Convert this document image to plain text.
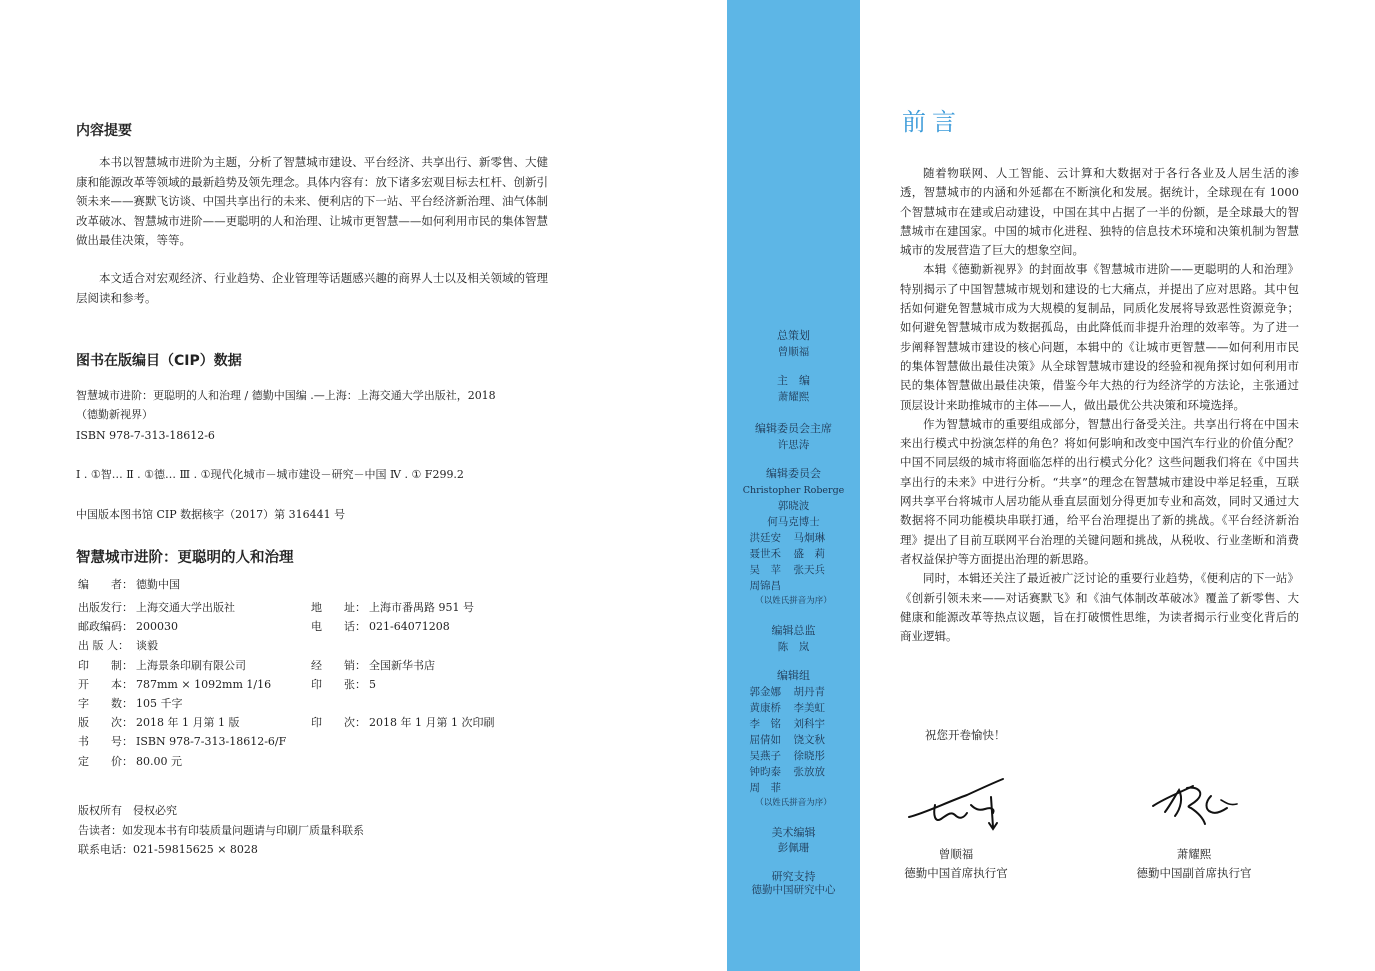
内容提要
本书以智慧城市进阶为主题，分析了智慧城市建设、平台经济、共享出行、新零售、大健康和能源改革等领域的最新趋势及领先理念。具体内容有：放下诸多宏观目标去杠杆、创新引领未来——赛默飞访谈、中国共享出行的未来、便利店的下一站、平台经济新治理、油气体制改革破冰、智慧城市进阶——更聪明的人和治理、让城市更智慧——如何利用市民的集体智慧做出最佳决策，等等。
本文适合对宏观经济、行业趋势、企业管理等话题感兴趣的商界人士以及相关领域的管理层阅读和参考。
图书在版编目（CIP）数据
智慧城市进阶：更聪明的人和治理 / 德勤中国编 .—上海：上海交通大学出版社，2018
（德勤新视界）
ISBN 978-7-313-18612-6
Ⅰ . ①智… Ⅱ . ①德… Ⅲ . ①现代化城市－城市建设－研究－中国 Ⅳ . ① F299.2
中国版本图书馆 CIP 数据核字（2017）第 316441 号
智慧城市进阶：更聪明的人和治理
编　　者： 德勤中国
出版发行： 上海交通大学出版社	地　　址： 上海市番禺路 951 号
邮政编码： 200030	电　　话： 021-64071208
出 版 人： 谈毅
印　　制： 上海景条印刷有限公司	经　　销： 全国新华书店
开　　本： 787mm × 1092mm 1/16	印　　张： 5
字　　数： 105 千字
版　　次： 2018 年 1 月第 1 版	印　　次： 2018 年 1 月第 1 次印刷
书　　号： ISBN 978-7-313-18612-6/F
定　　价： 80.00 元
版权所有　侵权必究
告读者：如发现本书有印装质量问题请与印刷厂质量科联系
联系电话：021-59815625 × 8028
总策划
曾顺福
主　编
萧耀熙
编辑委员会主席
许思涛
编辑委员会
Christopher Roberge
郭晓波
何马克博士
洪廷安 马炯琳
聂世禾 盛　莉
吴　苹 张天兵
周锦昌
（以姓氏拼音为序）
编辑总监
陈　岚
编辑组
郭金娜 胡丹青
黄康桥 李美虹
李　铭 刘科宇
屈倩如 饶文秋
吴燕子 徐晓彤
钟昀泰 张放放
周　菲
（以姓氏拼音为序）
美术编辑
彭佩珊
研究支持
德勤中国研究中心
前言

随着物联网、人工智能、云计算和大数据对于各行各业及人居生活的渗透，智慧城市的内涵和外延都在不断演化和发展。据统计，全球现在有 1000 个智慧城市在建或启动建设，中国在其中占据了一半的份额，是全球最大的智慧城市在建国家。中国的城市化进程、独特的信息技术环境和决策机制为智慧城市的发展营造了巨大的想象空间。

本辑《德勤新视界》的封面故事《智慧城市进阶——更聪明的人和治理》特别揭示了中国智慧城市规划和建设的七大痛点，并提出了应对思路。其中包括如何避免智慧城市成为大规模的复制品，同质化发展将导致恶性资源竞争；如何避免智慧城市成为数据孤岛，由此降低而非提升治理的效率等。为了进一步阐释智慧城市建设的核心问题，本辑中的《让城市更智慧——如何利用市民的集体智慧做出最佳决策》从全球智慧城市建设的经验和视角探讨如何利用市民的集体智慧做出最佳决策，借鉴今年大热的行为经济学的方法论，主张通过顶层设计来助推城市的主体——人，做出最优公共决策和环境选择。

作为智慧城市的重要组成部分，智慧出行备受关注。共享出行将在中国未来出行模式中扮演怎样的角色？将如何影响和改变中国汽车行业的价值分配？中国不同层级的城市将面临怎样的出行模式分化？这些问题我们将在《中国共享出行的未来》中进行分析。“共享”的理念在智慧城市建设中举足轻重，互联网共享平台将城市人居功能从垂直层面划分得更加专业和高效，同时又通过大数据将不同功能模块串联打通，给平台治理提出了新的挑战。《平台经济新治理》提出了目前互联网平台治理的关键问题和挑战，从税收、行业垄断和消费者权益保护等方面提出治理的新思路。

同时，本辑还关注了最近被广泛讨论的重要行业趋势，《便利店的下一站》《创新引领未来——对话赛默飞》和《油气体制改革破冰》覆盖了新零售、大健康和能源改革等热点议题，旨在打破惯性思维，为读者揭示行业变化背后的商业逻辑。

祝您开卷愉快！
曾顺福
德勤中国首席执行官
萧耀熙
德勤中国副首席执行官
